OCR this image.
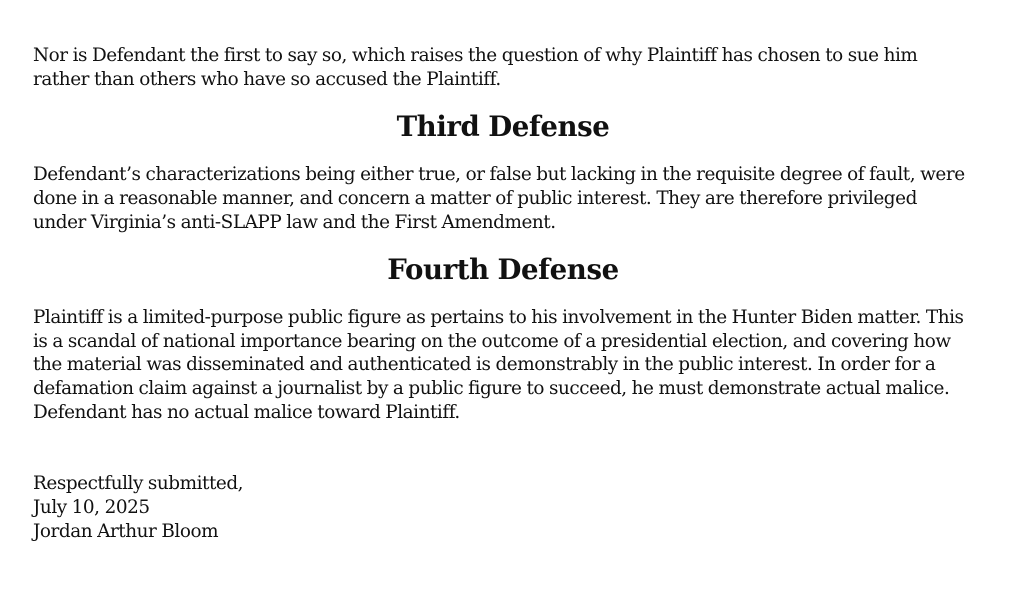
Nor is Defendant the first to say so, which raises the question of why Plaintiff has chosen to sue him rather than others who have so accused the Plaintiff.

Third Defense

Defendant’s characterizations being either true, or false but lacking in the requisite degree of fault, were done in a reasonable manner, and concern a matter of public interest. They are therefore privileged under Virginia’s anti-SLAPP law and the First Amendment.

Fourth Defense

Plaintiff is a limited-purpose public figure as pertains to his involvement in the Hunter Biden matter. This is a scandal of national importance bearing on the outcome of a presidential election, and covering how the material was disseminated and authenticated is demonstrably in the public interest. In order for a defamation claim against a journalist by a public figure to succeed, he must demonstrate actual malice. Defendant has no actual malice toward Plaintiff.

Respectfully submitted,

July 10, 2025

Jordan Arthur Bloom
